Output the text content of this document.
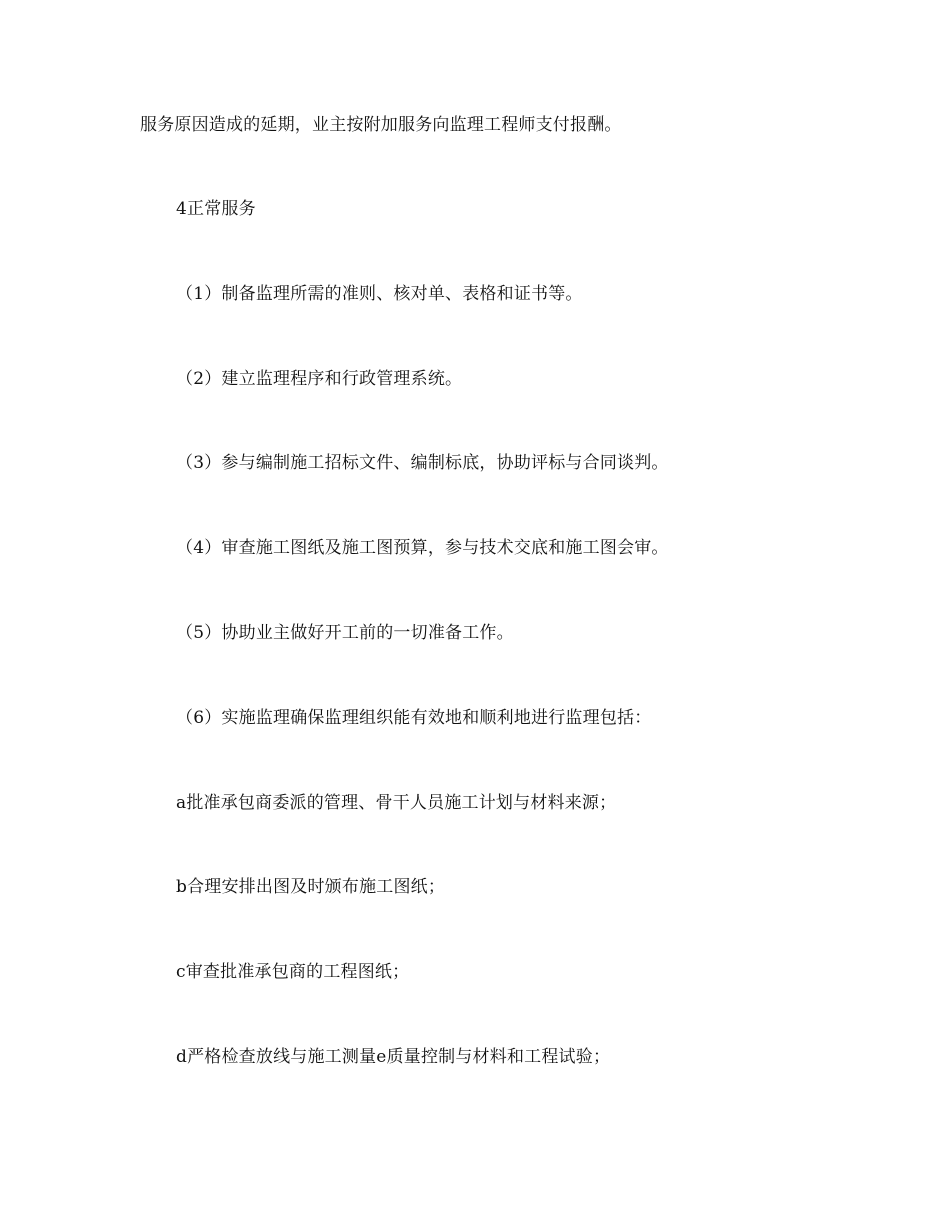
服务原因造成的延期，业主按附加服务向监理工程师支付报酬。
4正常服务
（1）制备监理所需的准则、核对单、表格和证书等。
（2）建立监理程序和行政管理系统。
（3）参与编制施工招标文件、编制标底，协助评标与合同谈判。
（4）审查施工图纸及施工图预算，参与技术交底和施工图会审。
（5）协助业主做好开工前的一切准备工作。
（6）实施监理确保监理组织能有效地和顺利地进行监理包括：
a批准承包商委派的管理、骨干人员施工计划与材料来源；
b合理安排出图及时颁布施工图纸；
c审查批准承包商的工程图纸；
d严格检查放线与施工测量e质量控制与材料和工程试验；
